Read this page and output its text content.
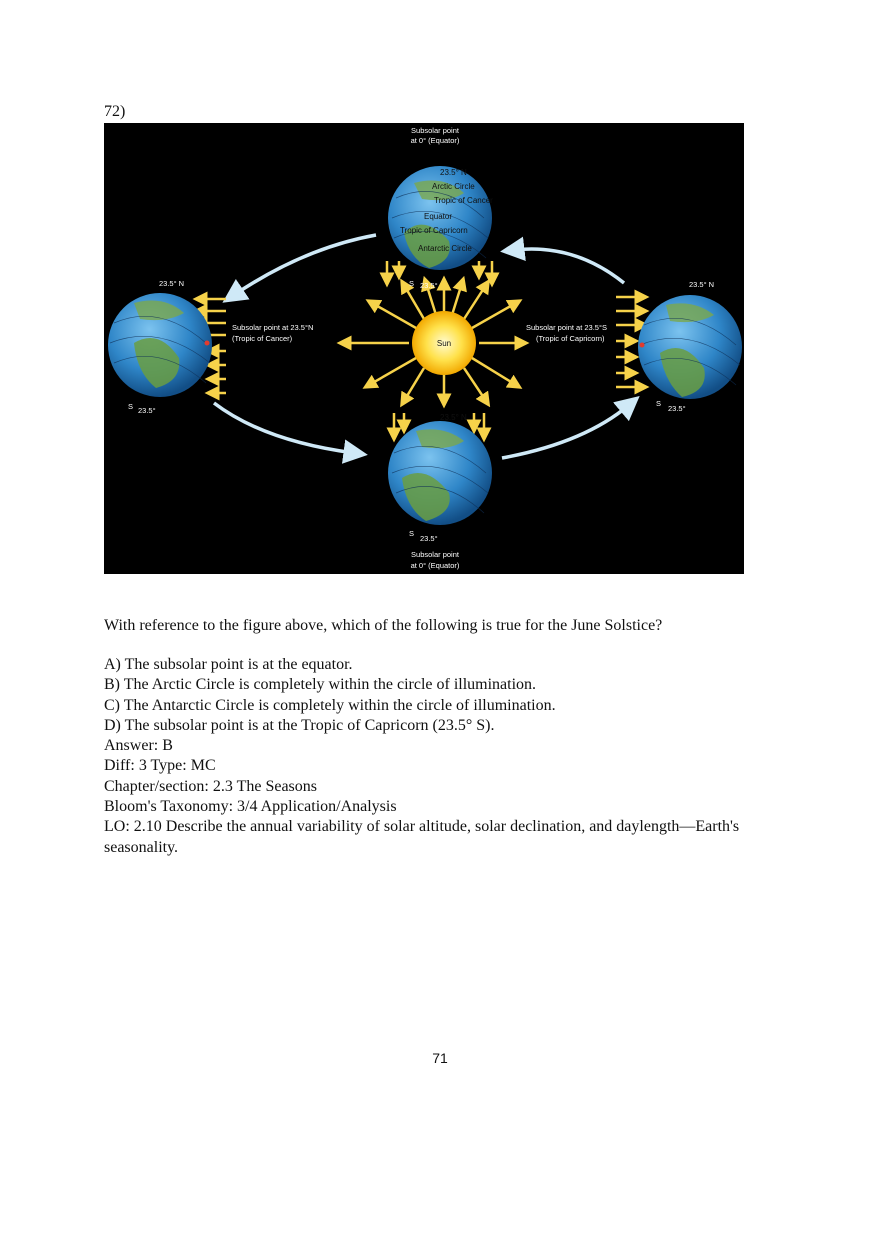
72)
Sun
23.5° N
Subsolar point
at 0° (Equator)
S 23.5°
23.5° N
S
23.5°
Subsolar point
at 0° (Equator)
23.5° N
S 23.5°
Subsolar point at 23.5°N
(Tropic of Cancer)
23.5° N
S
23.5°
Subsolar point at 23.5°S
(Tropic of Capricorn)
Arctic Circle
Tropic of Cancer
Equator
Tropic of Capricorn
Antarctic Circle
With reference to the figure above, which of the following is true for the June Solstice?
A) The subsolar point is at the equator.
B) The Arctic Circle is completely within the circle of illumination.
C) The Antarctic Circle is completely within the circle of illumination.
D) The subsolar point is at the Tropic of Capricorn (23.5° S).
Answer: B
Diff: 3 Type: MC
Chapter/section: 2.3 The Seasons
Bloom's Taxonomy: 3/4 Application/Analysis
LO: 2.10 Describe the annual variability of solar altitude, solar declination, and daylength—Earth's seasonality.
71
